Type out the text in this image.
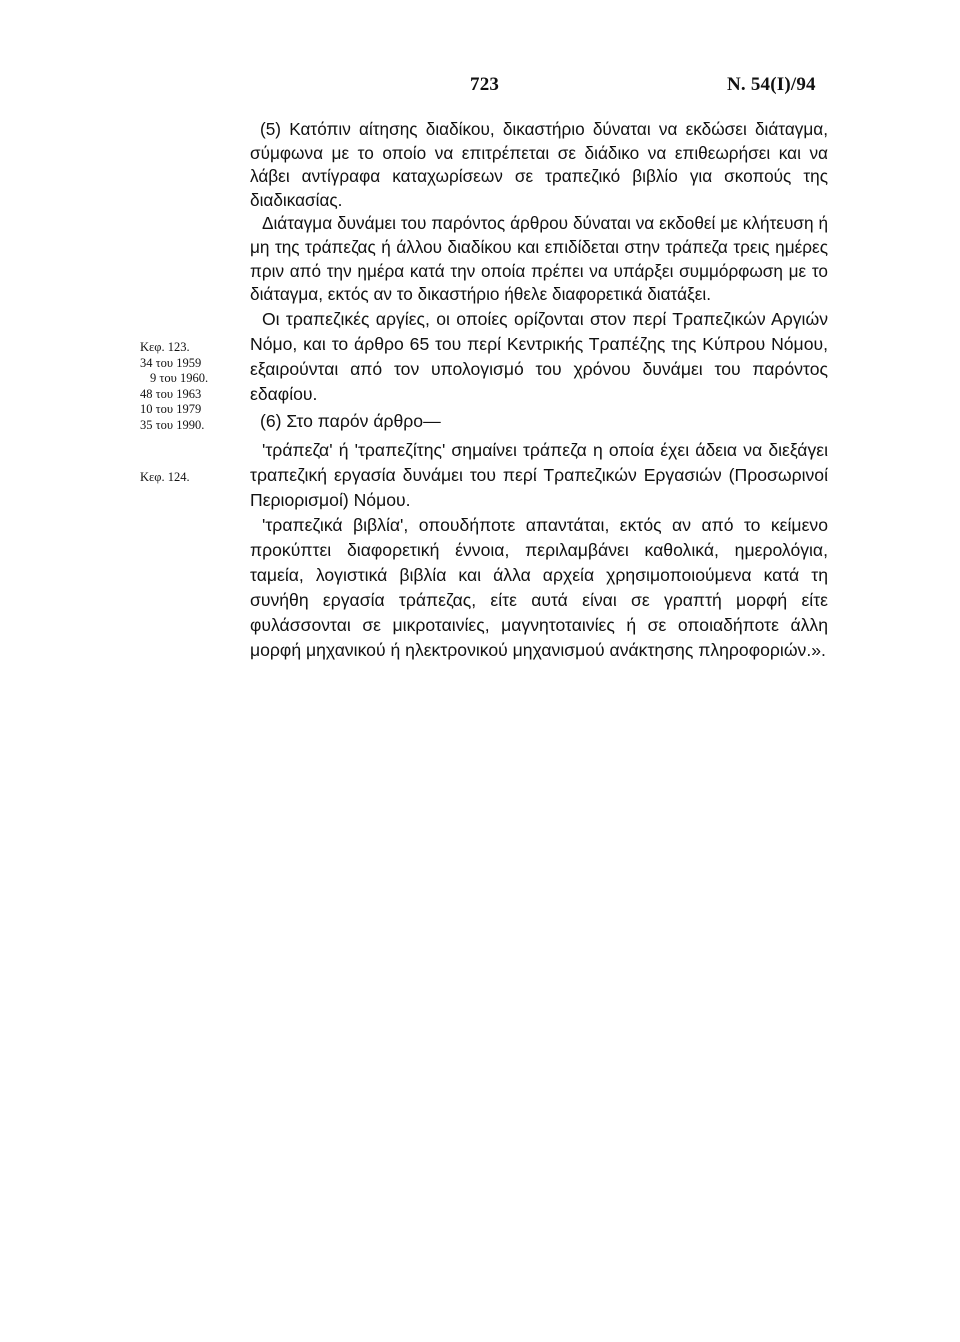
723	Ν. 54(Ι)/94
Κεφ. 123.
34 του 1959
9 του 1960.
48 του 1963
10 του 1979
35 του 1990.
Κεφ. 124.

(5) Κατόπιν αίτησης διαδίκου, δικαστήριο δύναται να εκδώσει διάταγμα, σύμφωνα με το οποίο να επιτρέπεται σε διάδικο να επιθεωρήσει και να λάβει αντίγραφα καταχωρίσεων σε τραπεζικό βιβλίο για σκοπούς της διαδικασίας.

Διάταγμα δυνάμει του παρόντος άρθρου δύναται να εκδοθεί με κλήτευση ή μη της τράπεζας ή άλλου διαδίκου και επιδίδεται στην τράπεζα τρεις ημέρες πριν από την ημέρα κατά την οποία πρέπει να υπάρξει συμμόρφωση με το διάταγμα, εκτός αν το δικαστήριο ήθελε διαφορετικά διατάξει.

Οι τραπεζικές αργίες, οι οποίες ορίζονται στον περί Τραπεζικών Αργιών Νόμο, και το άρθρο 65 του περί Κεντρικής Τραπέζης της Κύπρου Νόμου, εξαιρούνται από τον υπολογισμό του χρόνου δυνάμει του παρόντος εδαφίου.

(6) Στο παρόν άρθρο—

'τράπεζα' ή 'τραπεζίτης' σημαίνει τράπεζα η οποία έχει άδεια να διεξάγει τραπεζική εργασία δυνάμει του περί Τραπεζικών Εργασιών (Προσωρινοί Περιορισμοί) Νόμου.

'τραπεζικά βιβλία', οπουδήποτε απαντάται, εκτός αν από το κείμενο προκύπτει διαφορετική έννοια, περιλαμβάνει καθολικά, ημερολόγια, ταμεία, λογιστικά βιβλία και άλλα αρχεία χρησιμοποιούμενα κατά τη συνήθη εργασία τράπεζας, είτε αυτά είναι σε γραπτή μορφή είτε φυλάσσονται σε μικροταινίες, μαγνητοταινίες ή σε οποιαδήποτε άλλη μορφή μηχανικού ή ηλεκτρονικού μηχανισμού ανάκτησης πληροφοριών.».
